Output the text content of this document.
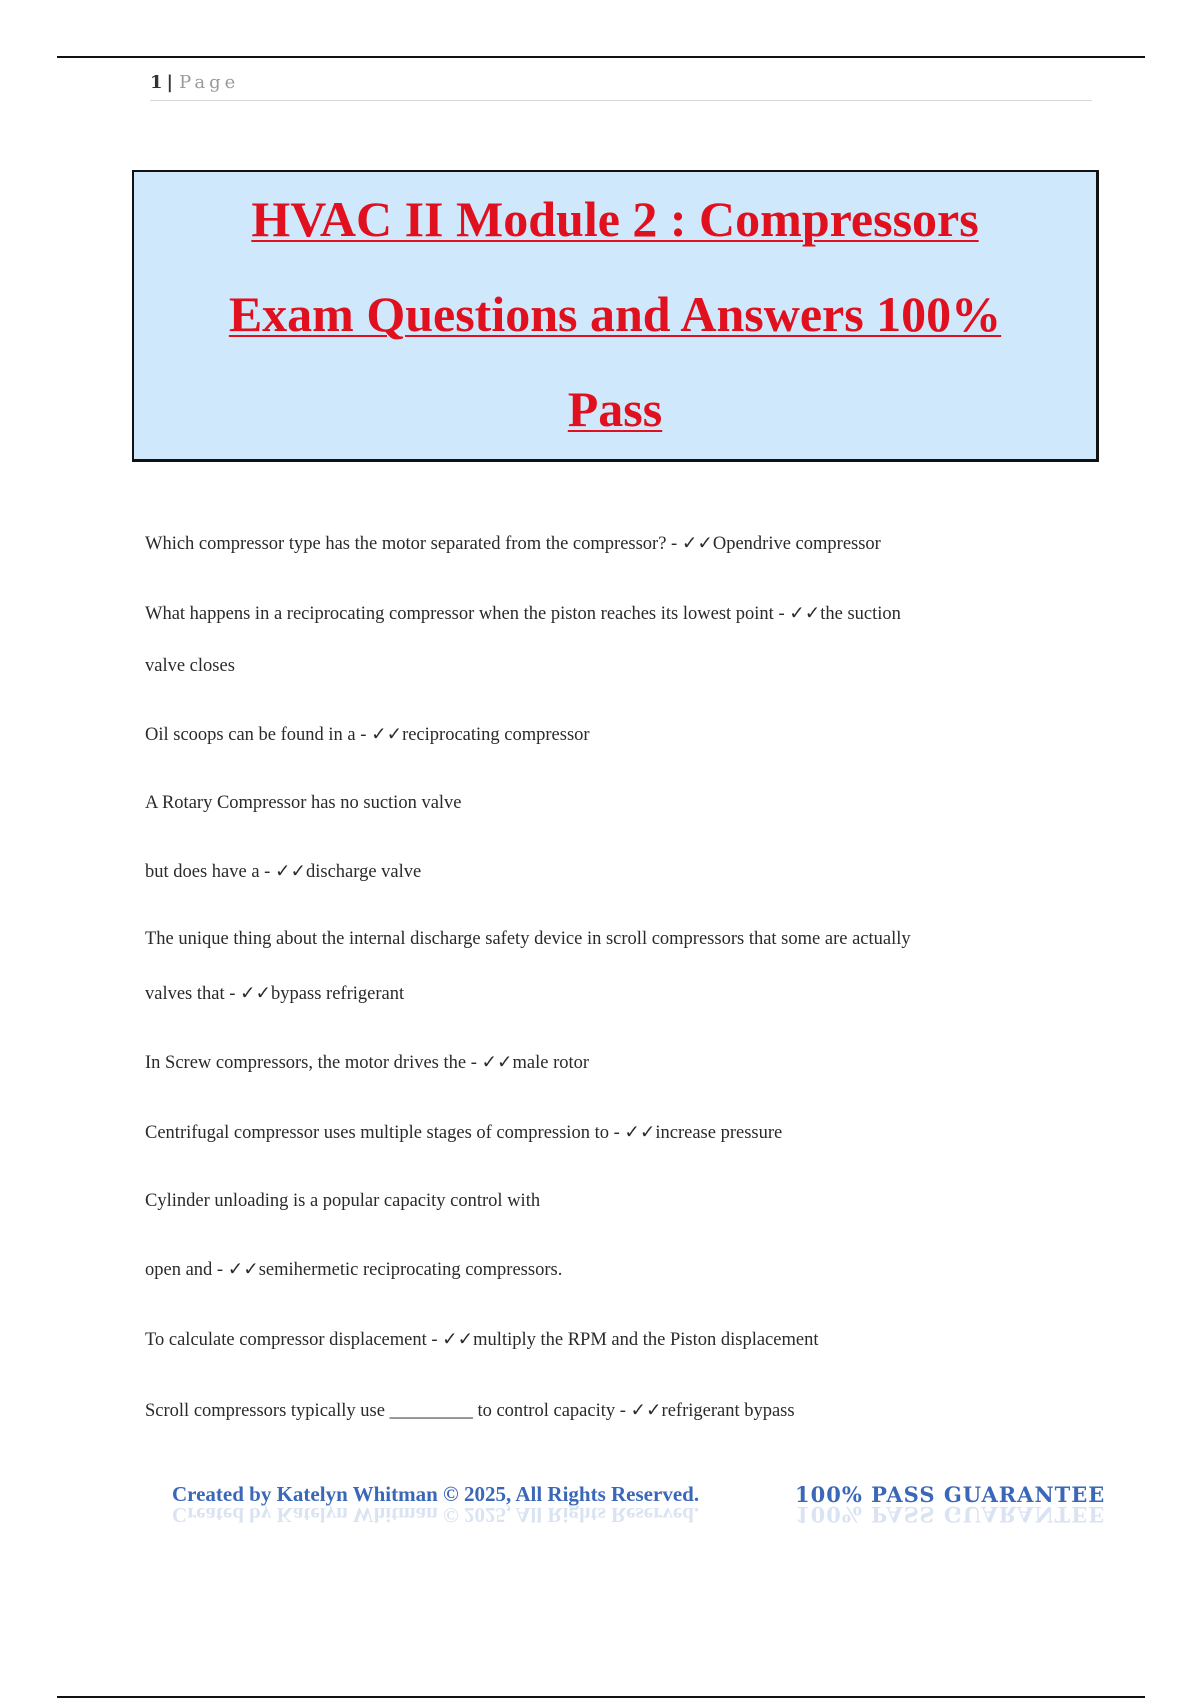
1 | Page

HVAC II Module 2 : Compressors

Exam Questions and Answers 100%

Pass

Which compressor type has the motor separated from the compressor? - ✓✓Opendrive compressor
What happens in a reciprocating compressor when the piston reaches its lowest point - ✓✓the suction
valve closes
Oil scoops can be found in a - ✓✓reciprocating compressor
A Rotary Compressor has no suction valve
but does have a - ✓✓discharge valve
The unique thing about the internal discharge safety device in scroll compressors that some are actually
valves that - ✓✓bypass refrigerant
In Screw compressors, the motor drives the - ✓✓male rotor
Centrifugal compressor uses multiple stages of compression to - ✓✓increase pressure
Cylinder unloading is a popular capacity control with
open and - ✓✓semihermetic reciprocating compressors.
To calculate compressor displacement - ✓✓multiply the RPM and the Piston displacement
Scroll compressors typically use _________ to control capacity - ✓✓refrigerant bypass
Created by Katelyn Whitman © 2025, All Rights Reserved.	100% PASS GUARANTEE
Created by Katelyn Whitman © 2025, All Rights Reserved.	100% PASS GUARANTEE
